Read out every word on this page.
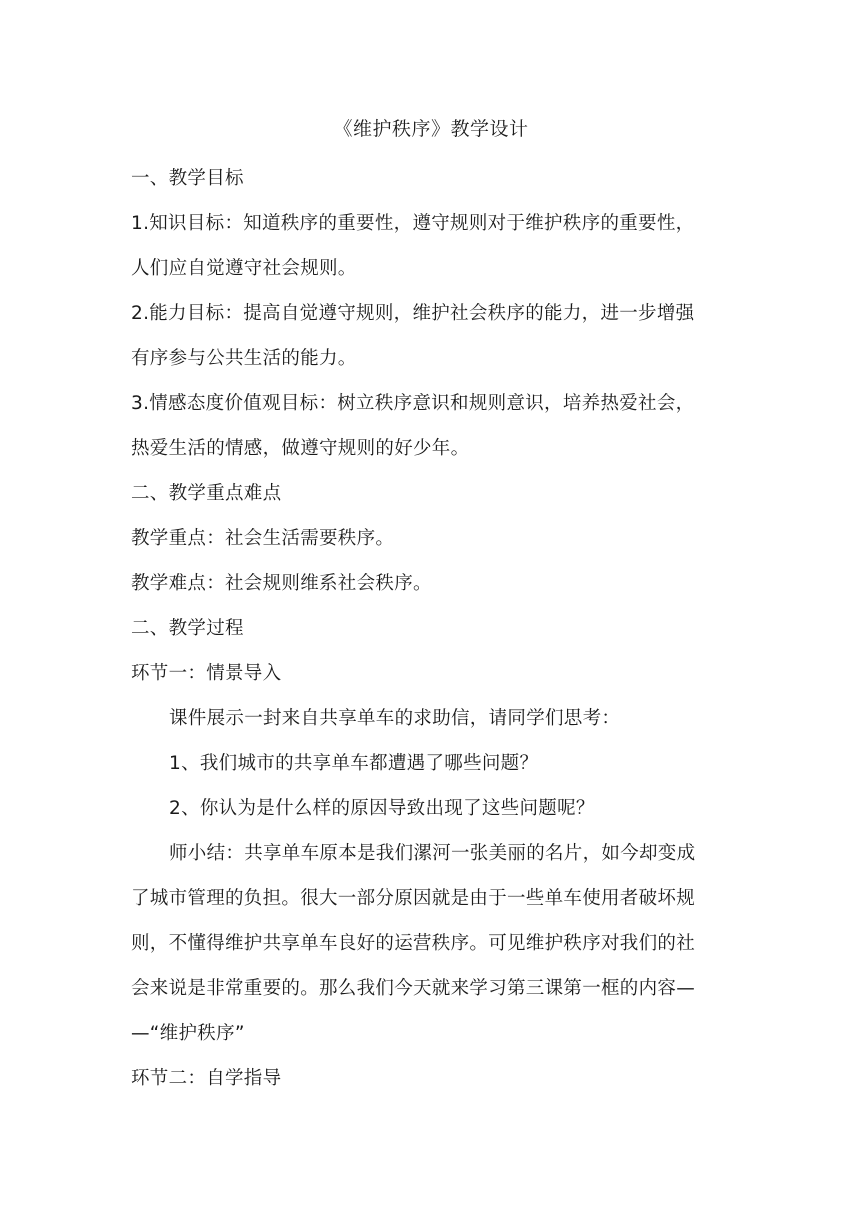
《维护秩序》教学设计

一、教学目标

1.知识目标：知道秩序的重要性，遵守规则对于维护秩序的重要性，

人们应自觉遵守社会规则。

2.能力目标：提高自觉遵守规则，维护社会秩序的能力，进一步增强

有序参与公共生活的能力。

3.情感态度价值观目标：树立秩序意识和规则意识，培养热爱社会，

热爱生活的情感，做遵守规则的好少年。

二、教学重点难点

教学重点：社会生活需要秩序。

教学难点：社会规则维系社会秩序。

二、教学过程

环节一：情景导入

课件展示一封来自共享单车的求助信，请同学们思考：

1、我们城市的共享单车都遭遇了哪些问题？

2、你认为是什么样的原因导致出现了这些问题呢？

师小结：共享单车原本是我们漯河一张美丽的名片，如今却变成

了城市管理的负担。很大一部分原因就是由于一些单车使用者破坏规

则，不懂得维护共享单车良好的运营秩序。可见维护秩序对我们的社

会来说是非常重要的。那么我们今天就来学习第三课第一框的内容—

—“维护秩序”

环节二：自学指导
